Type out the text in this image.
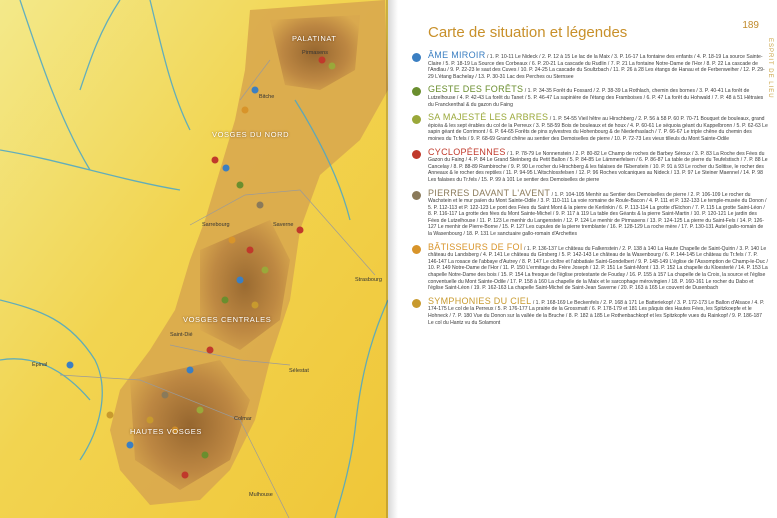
PALATINAT
VOSGES DU NORD
VOSGES CENTRALES
HAUTES VOSGES
Pirmasens
Bitche
Sarrebourg	Saverne
Strasbourg
Saint-Dié
Sélestat
Épinal
Colmar
Mulhouse
189
ESPRIT DE LIEU
Carte de situation et légendes
ÂME MIROIR / 1. P. 10-11 Le Nideck / 2. P. 12 à 15 Le lac de la Maix / 3. P. 16-17 La fontaine des enfants / 4. P. 18-19 La source Sainte-Claire / 5. P. 18-19 La Source des Corbeaux / 6. P. 20-21 La cascade du Rudlin / 7. P. 21 La fontaine Notre-Dame de l'Hor / 8. P. 22 La cascade de l'Andlau / 9. P. 22-23 le saut des Cuves / 10. P. 24-25 La cascade du Soultzbach / 11. P. 26 à 28 Les étangs de Hanau et de Ferbenweiher / 12. P. 29-29 L'étang Bachelay / 13. P. 30-31 Lac des Perches ou Sternsee
GESTE DES FORÊTS / 1. P. 34-35 Forêt du Fossard / 2. P. 38-39 La Rothlach, chemin des bornes / 3. P. 40-41 La forêt de Lutzelhouse / 4. P. 42-43 La forêt du Tanet / 5. P. 46-47 La sapinière de l'étang des Framboises / 6. P. 47 La forêt du Hohwald / 7. P. 48 à 51 Hêtraies du Franckenthal & du gazon du Faing
SA MAJESTÉ LES ARBRES / 1. P. 54-55 Vieil hêtre au Hirschberg / 2. P. 56 à 58 P. 60 P. 70-71 Bouquet de bouleaux, grand épicéa & les sept érables du col de la Perreux / 3. P. 58-59 Bois de bouleaux et de houx / 4. P. 60-61 Le séquoia géant du Kappelbronn / 5. P. 62-63 Le sapin géant de Corrimont / 6. P. 64-65 Forêts de pins sylvestres du Hohenbourg & de Niederhaslach / 7. P. 66-67 Le triple chêne du chemin des moines du Tr.fels / 9. P. 68-69 Grand chêne au sentier des Demoiselles de pierre / 10. P. 72-73 Les vieux tilleuls du Mont Sainte-Odile
CYCLOPÉENNES / 1. P. 78-79 Le Nonnenstein / 2. P. 80-82 Le Champ de roches de Barbey Séroux / 3. P. 83 La Roche des Fées du Gazon du Faing / 4. P. 84 Le Grand Steinberg du Petit Ballon / 5. P. 84-85 Le Lämmerfelsen / 6. P. 86-87 La table de pierre du Teufelstisch / 7. P. 88 Le Cancelay / 8. P. 88-89 Rambiroche / 9. P. 90 Le rocher du Hirschberg & les falaises de l'Ebenstein / 10. P. 91 à 93 Le rocher du Solitise, le rocher des Anneaux & le rocher des reptiles / 11. P. 94-95 L'Altschlossfelsen / 12. P. 96 Roches volcaniques au Nideck / 13. P. 97 Le Steiner Maennel / 14. P. 98 Les falaises du Tr.fels / 15. P. 99 à 101 Le sentier des Demoiselles de pierre
PIERRES DAVANT L'AVENT / 1. P. 104-105 Menhir au Sentier des Demoiselles de pierre / 2. P. 106-109 Le rocher du Wachstein et le mur païen du Mont Sainte-Odile / 3. P. 110-111 La voie romaine de Roule-Bacon / 4. P. 111 et P. 132-133 Le temple-musée du Donon / 5. P. 112-113 et P. 122-123 Le pont des Fées du Saint Mont & la pierre de Kerlinkin / 6. P. 113-114 La grotte d'Etchon / 7. P. 115 La grotte Saint-Léon / 8. P. 116-117 La grotte des fées du Mont Sainte-Michel / 9. P. 117 à 119 La table des Géants & la pierre Saint-Martin / 10. P. 120-121 Le jardin des Fées de Lutzelhouse / 11. P. 123 Le menhir du Langenstein / 12. P. 124 Le menhir de Pirmasens / 13. P. 124-125 La pierre du Saint-Fels / 14. P. 126-127 Le menhir de Pierre-Borne / 15. P. 127 Les cupules de la pierre tremblante / 16. P. 128-129 La roche mère / 17. P. 130-131 Autel gallo-romain de la Wasenbourg / 18. P. 131 Le sanctuaire gallo-romain d'Archettes
BÂTISSEURS DE FOI / 1. P. 136-137 Le château du Falkenstein / 2. P. 138 à 140 La Haute Chapelle de Saint-Quirin / 3. P. 140 Le château du Landsberg / 4. P. 141 Le château du Girsberg / 5. P. 142-143 Le château de la Wasenbourg / 6. P. 144-145 Le château du Tr.fels / 7. P. 146-147 La rosace de l'abbaye d'Autrey / 8. P. 147 Le cloître et l'abbatiale Saint-Gondelbert / 9. P. 148-149 L'église de l'Assomption de Champ-le-Duc / 10. P. 149 Notre-Dame de l'Hor / 11. P. 150 L'ermitage du Frère Joseph / 12. P. 151 Le Saint-Mont / 13. P. 152 La chapelle du Kloesterlé / 14. P. 153 La chapelle Notre-Dame des bois / 15. P. 154 La fresque de l'église protestante de Fouday / 16. P. 155 à 157 La chapelle de la Croix, la source et l'église conventuelle du Mont Sainte-Odile / 17. P. 158 à 160 La chapelle de la Maix et le sarcophage mérovingien / 18. P. 160-161 Le rocher du Dabo et l'église Saint-Léon / 19. P. 162-163 La chapelle Saint-Michel de Saint-Jean Saverne / 20. P. 163 à 165 Le couvent de Dusenbach
SYMPHONIES DU CIEL / 1. P. 168-169 Le Beckenfels / 2. P. 168 à 171 Le Batteriekopf / 3. P. 172-173 Le Ballon d'Alsace / 4. P. 174-175 Le col de la Perreux / 5. P. 176-177 La prairie de la Grossmatt / 6. P. 178-179 et 181 Les pâquis des Hautes Fées, les Spitzkoepfe et le Hohneck / 7. P. 180 Vue du Donon sur la vallée de la Bruche / 8. P. 182 à 185 Le Rothenbachkopf et les Spitzkopfe vues du Rainkopf / 9. P. 186-187 Le col du Hantz vu du Solamont
